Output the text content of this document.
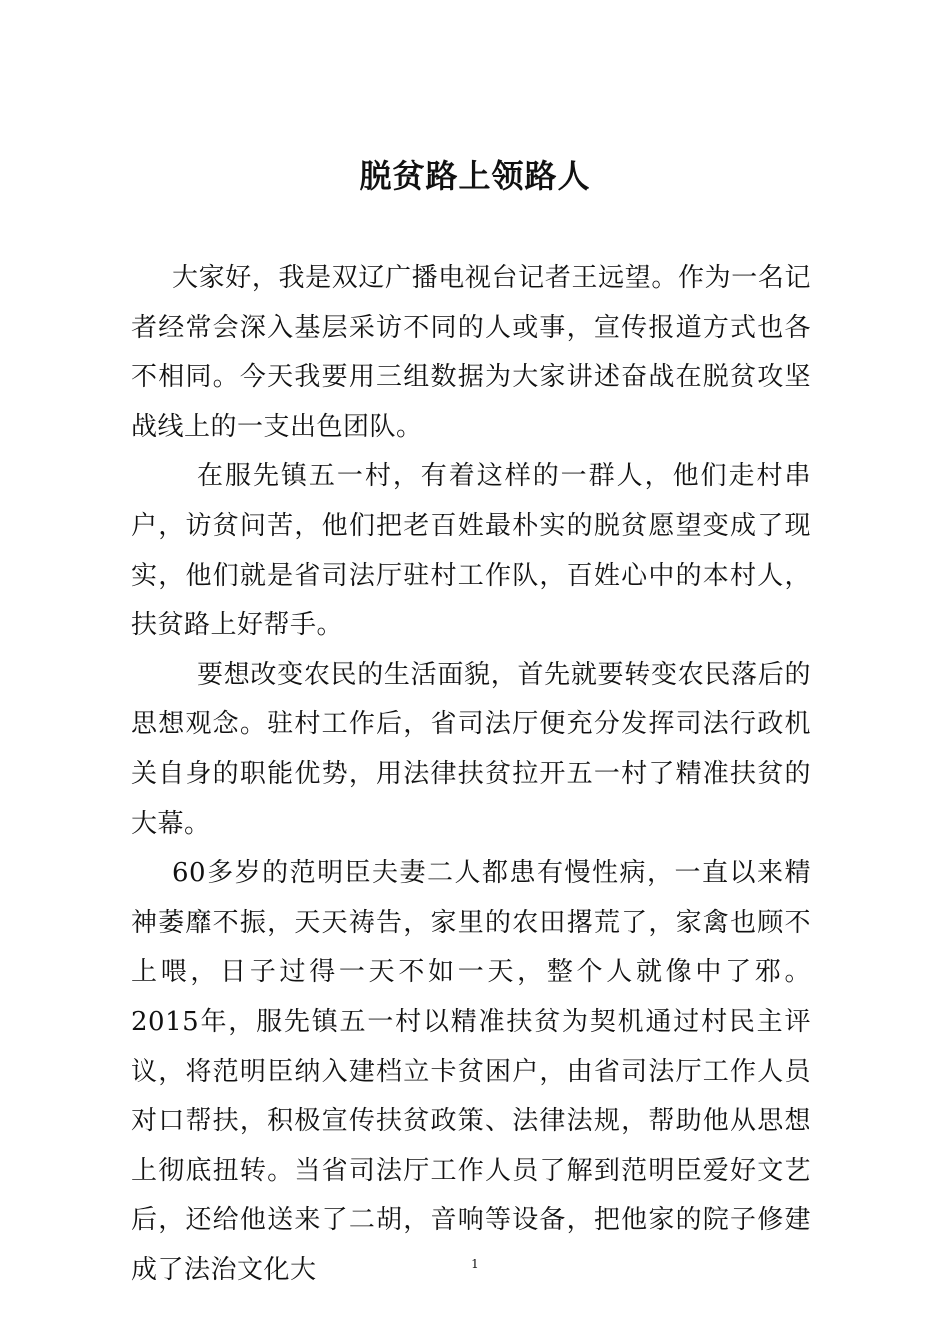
脱贫路上领路人

大家好，我是双辽广播电视台记者王远望。作为一名记者经常会深入基层采访不同的人或事，宣传报道方式也各不相同。今天我要用三组数据为大家讲述奋战在脱贫攻坚战线上的一支出色团队。

在服先镇五一村，有着这样的一群人，他们走村串户，访贫问苦，他们把老百姓最朴实的脱贫愿望变成了现实，他们就是省司法厅驻村工作队，百姓心中的本村人，扶贫路上好帮手。

要想改变农民的生活面貌，首先就要转变农民落后的思想观念。驻村工作后，省司法厅便充分发挥司法行政机关自身的职能优势，用法律扶贫拉开五一村了精准扶贫的大幕。

60多岁的范明臣夫妻二人都患有慢性病，一直以来精神萎靡不振，天天祷告，家里的农田撂荒了，家禽也顾不上喂，日子过得一天不如一天，整个人就像中了邪。 2015年，服先镇五一村以精准扶贫为契机通过村民主评议，将范明臣纳入建档立卡贫困户，由省司法厅工作人员对口帮扶，积极宣传扶贫政策、法律法规，帮助他从思想上彻底扭转。当省司法厅工作人员了解到范明臣爱好文艺后，还给他送来了二胡，音响等设备，把他家的院子修建成了法治文化大	1
